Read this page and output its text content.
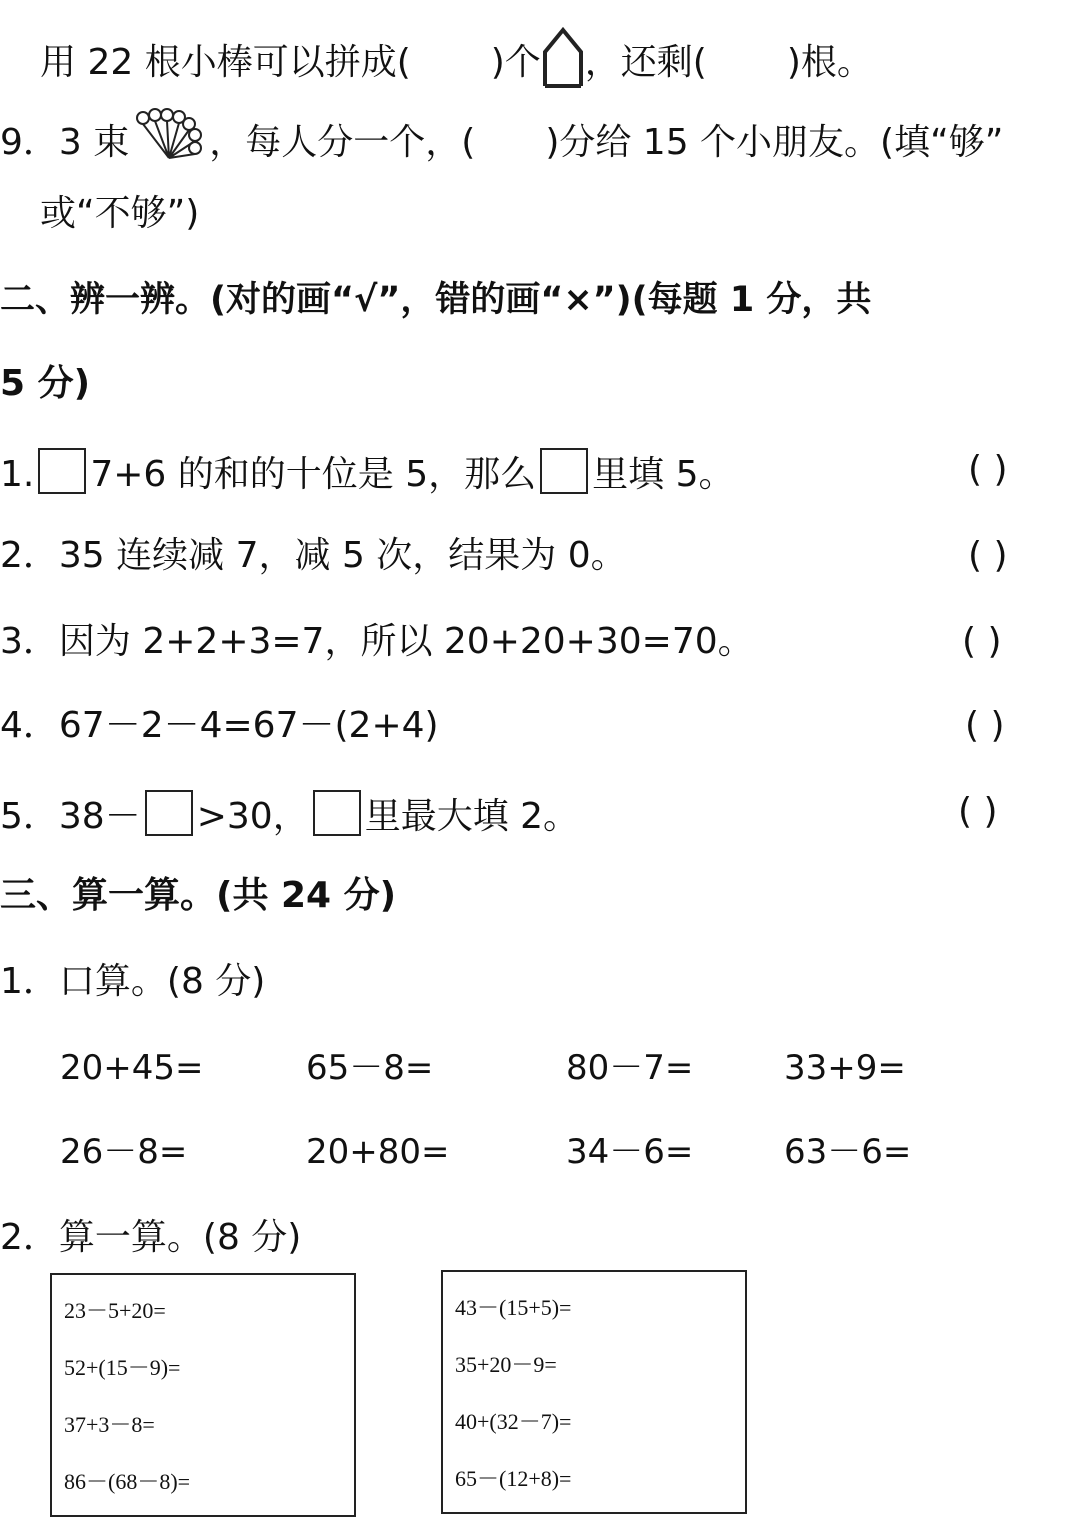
用 22 根小棒可以拼成( )个 ，还剩( )根。
9．3 束 ，每人分一个，( )分给 15 个小朋友。(填“够”
或“不够”)
二、辨一辨。(对的画“√”，错的画“×”)(每题 1 分，共
5 分)
1. 7+6 的和的十位是 5，那么 里填 5。	( )
2．35 连续减 7，减 5 次，结果为 0。	( )
3．因为 2+2+3=7，所以 20+20+30=70。	( )
4．67－2－4=67－(2+4)	( )
5．38－ >30， 里最大填 2。	( )
三、算一算。(共 24 分)
1．口算。(8 分)
20+45=	65－8=	80－7=	33+9=
26－8=	20+80=	34－6=	63－6=
2．算一算。(8 分)
23－5+20=
52+(15－9)=
37+3－8=
86－(68－8)=
43－(15+5)=
35+20－9=
40+(32－7)=
65－(12+8)=
